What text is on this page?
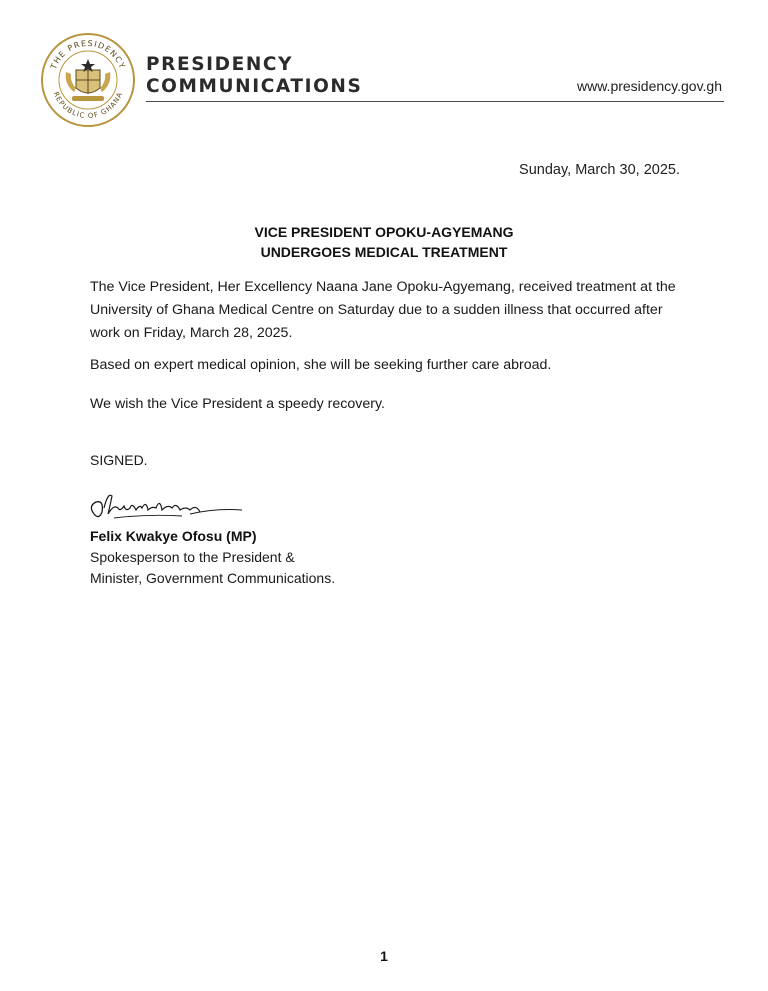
THE PRESIDENCY
REPUBLIC OF GHANA
PRESIDENCY
COMMUNICATIONS	www.presidency.gov.gh
Sunday, March 30, 2025.
VICE PRESIDENT OPOKU-AGYEMANG
UNDERGOES MEDICAL TREATMENT
The Vice President, Her Excellency Naana Jane Opoku-Agyemang, received treatment at the University of Ghana Medical Centre on Saturday due to a sudden illness that occurred after work on Friday, March 28, 2025.
Based on expert medical opinion, she will be seeking further care abroad.
We wish the Vice President a speedy recovery.
SIGNED.
Felix Kwakye Ofosu (MP)
Spokesperson to the President &
Minister, Government Communications.
1
